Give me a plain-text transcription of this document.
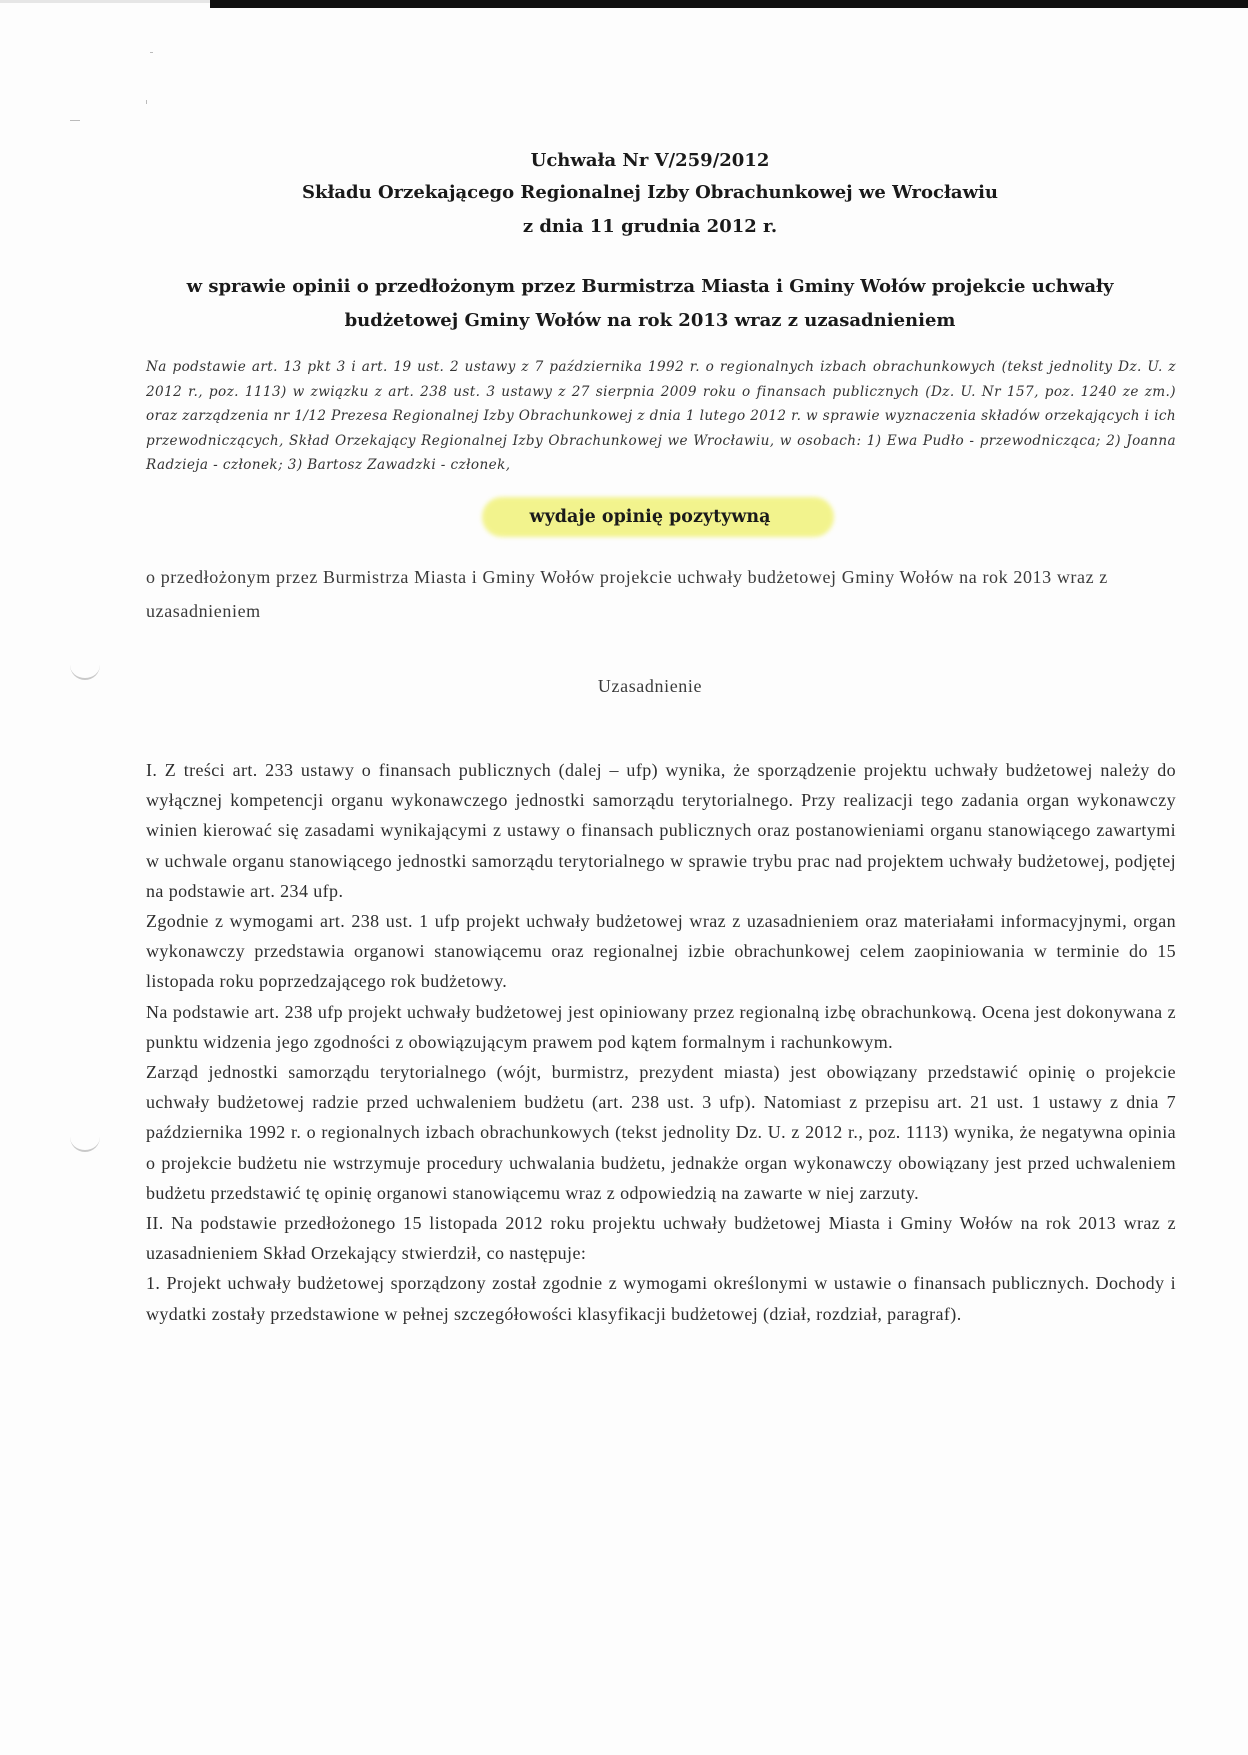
Uchwała Nr V/259/2012
Składu Orzekającego Regionalnej Izby Obrachunkowej we Wrocławiu
z dnia 11 grudnia 2012 r.
w sprawie opinii o przedłożonym przez Burmistrza Miasta i Gminy Wołów projekcie uchwały budżetowej Gminy Wołów na rok 2013 wraz z uzasadnieniem
Na podstawie art. 13 pkt 3 i art. 19 ust. 2 ustawy z 7 października 1992 r. o regionalnych izbach obrachunkowych (tekst jednolity Dz. U. z 2012 r., poz. 1113) w związku z art. 238 ust. 3 ustawy z 27 sierpnia 2009 roku o finansach publicznych (Dz. U. Nr 157, poz. 1240 ze zm.) oraz zarządzenia nr 1/12 Prezesa Regionalnej Izby Obrachunkowej z dnia 1 lutego 2012 r. w sprawie wyznaczenia składów orzekających i ich przewodniczących, Skład Orzekający Regionalnej Izby Obrachunkowej we Wrocławiu, w osobach: 1) Ewa Pudło - przewodnicząca; 2) Joanna Radzieja - członek; 3) Bartosz Zawadzki - członek,
wydaje opinię pozytywną
o przedłożonym przez Burmistrza Miasta i Gminy Wołów projekcie uchwały budżetowej Gminy Wołów na rok 2013 wraz z uzasadnieniem
Uzasadnienie

I. Z treści art. 233 ustawy o finansach publicznych (dalej – ufp) wynika, że sporządzenie projektu uchwały budżetowej należy do wyłącznej kompetencji organu wykonawczego jednostki samorządu terytorialnego. Przy realizacji tego zadania organ wykonawczy winien kierować się zasadami wynikającymi z ustawy o finansach publicznych oraz postanowieniami organu stanowiącego zawartymi w uchwale organu stanowiącego jednostki samorządu terytorialnego w sprawie trybu prac nad projektem uchwały budżetowej, podjętej na podstawie art. 234 ufp.

Zgodnie z wymogami art. 238 ust. 1 ufp projekt uchwały budżetowej wraz z uzasadnieniem oraz materiałami informacyjnymi, organ wykonawczy przedstawia organowi stanowiącemu oraz regionalnej izbie obrachunkowej celem zaopiniowania w terminie do 15 listopada roku poprzedzającego rok budżetowy.

Na podstawie art. 238 ufp projekt uchwały budżetowej jest opiniowany przez regionalną izbę obrachunkową. Ocena jest dokonywana z punktu widzenia jego zgodności z obowiązującym prawem pod kątem formalnym i rachunkowym.

Zarząd jednostki samorządu terytorialnego (wójt, burmistrz, prezydent miasta) jest obowiązany przedstawić opinię o projekcie uchwały budżetowej radzie przed uchwaleniem budżetu (art. 238 ust. 3 ufp). Natomiast z przepisu art. 21 ust. 1 ustawy z dnia 7 października 1992 r. o regionalnych izbach obrachunkowych (tekst jednolity Dz. U. z 2012 r., poz. 1113) wynika, że negatywna opinia o projekcie budżetu nie wstrzymuje procedury uchwalania budżetu, jednakże organ wykonawczy obowiązany jest przed uchwaleniem budżetu przedstawić tę opinię organowi stanowiącemu wraz z odpowiedzią na zawarte w niej zarzuty.

II. Na podstawie przedłożonego 15 listopada 2012 roku projektu uchwały budżetowej Miasta i Gminy Wołów na rok 2013 wraz z uzasadnieniem Skład Orzekający stwierdził, co następuje:

1. Projekt uchwały budżetowej sporządzony został zgodnie z wymogami określonymi w ustawie o finansach publicznych. Dochody i wydatki zostały przedstawione w pełnej szczegółowości klasyfikacji budżetowej (dział, rozdział, paragraf).
